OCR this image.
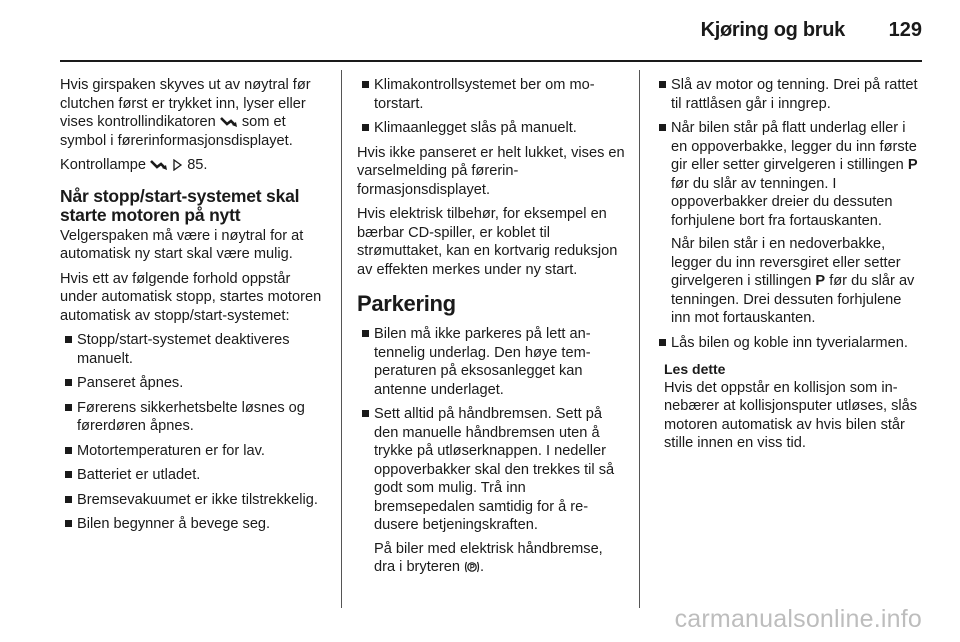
Kjøring og bruk 129

Hvis girspaken skyves ut av nøytral før clutchen først er trykket inn, lyser eller vises kontrollindikatoren som et symbol i førerinformasjonsdisplayet.

Kontrollampe	85.

Når stopp/start-systemet skal starte motoren på nytt

Velgerspaken må være i nøytral for at automatisk ny start skal være mulig.

Hvis ett av følgende forhold oppstår under automatisk stopp, startes motoren automatisk av stopp/start-systemet:

Stopp/start-systemet deaktiveres manuelt.
Panseret åpnes.
Førerens sikkerhetsbelte løsnes og førerdøren åpnes.
Motortemperaturen er for lav.
Batteriet er utladet.
Bremsevakuumet er ikke tilstrekkelig.
Bilen begynner å bevege seg.
Klimakontrollsystemet ber om motorstart.
Klimaanlegget slås på manuelt.

Hvis ikke panseret er helt lukket, vises en varselmelding på førerinformasjonsdisplayet.

Hvis elektrisk tilbehør, for eksempel en bærbar CD-spiller, er koblet til strømuttaket, kan en kortvarig reduksjon av effekten merkes under ny start.

Parkering
Bilen må ikke parkeres på lett antennelig underlag. Den høye temperaturen på eksosanlegget kan antenne underlaget.
Sett alltid på håndbremsen. Sett på den manuelle håndbremsen uten å trykke på utløserknappen. I nedeller oppoverbakker skal den trekkes til så godt som mulig. Trå inn bremsepedalen samtidig for å redusere betjeningskraften.
På biler med elektrisk håndbremse, dra i bryteren .
Slå av motor og tenning. Drei på rattet til rattlåsen går i inngrep.
Når bilen står på flatt underlag eller i en oppoverbakke, legger du inn første gir eller setter girvelgeren i stillingen P før du slår av tenningen. I oppoverbakker dreier du dessuten forhjulene bort fra fortauskanten.
Når bilen står i en nedoverbakke, legger du inn reversgiret eller setter girvelgeren i stillingen P før du slår av tenningen. Drei dessuten forhjulene inn mot fortauskanten.
Lås bilen og koble inn tyverialarmen.
Les dette
Hvis det oppstår en kollisjon som innebærer at kollisjonsputer utløses, slås motoren automatisk av hvis bilen står stille innen en viss tid.
carmanualsonline.info
